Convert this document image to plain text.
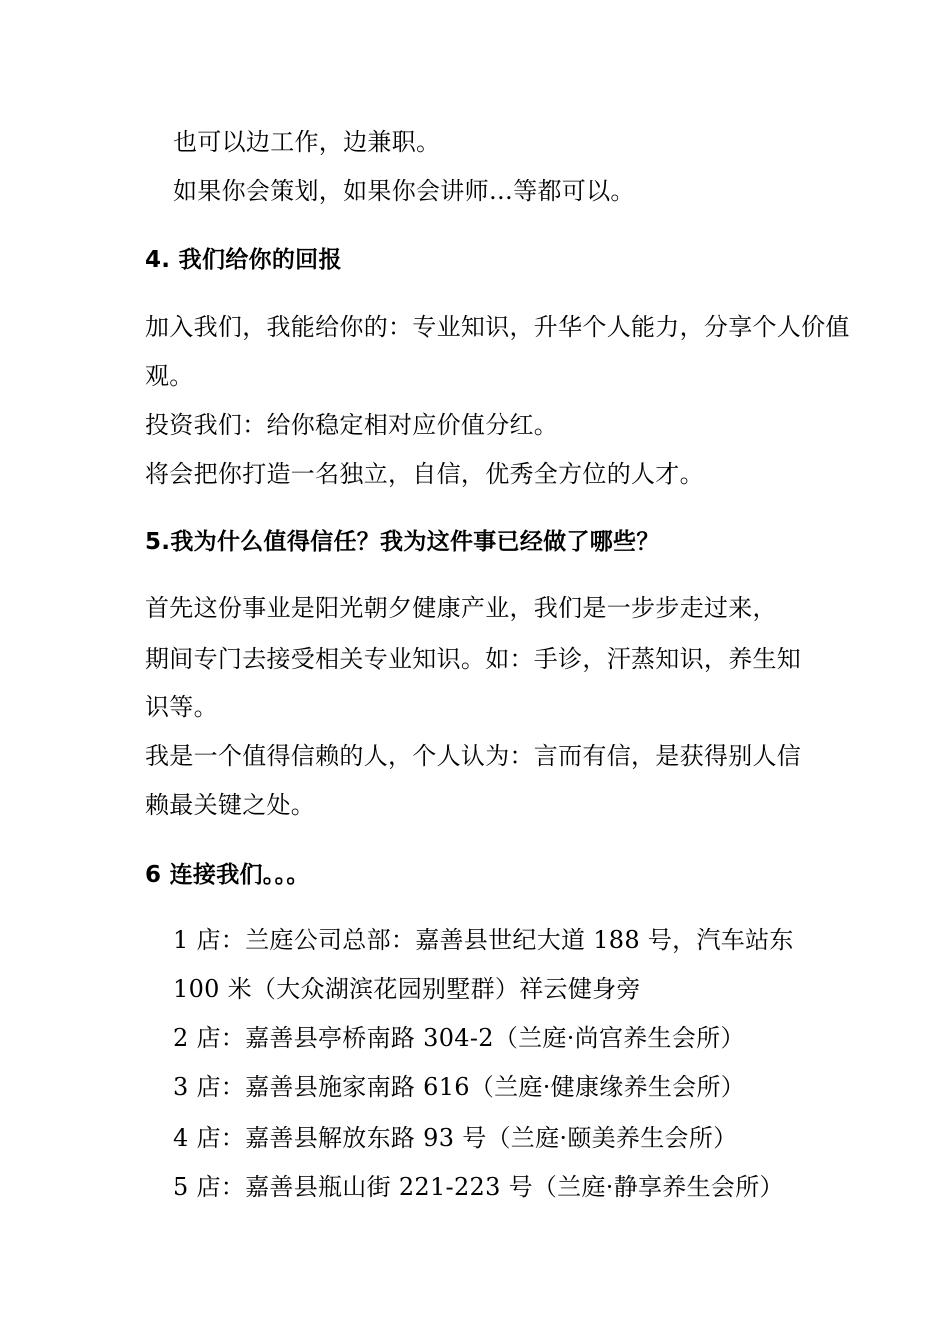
也可以边工作，边兼职。
如果你会策划，如果你会讲师…等都可以。
4. 我们给你的回报
加入我们，我能给你的：专业知识，升华个人能力，分享个人价值
观。
投资我们：给你稳定相对应价值分红。
将会把你打造一名独立，自信，优秀全方位的人才。
5.我为什么值得信任？我为这件事已经做了哪些？
首先这份事业是阳光朝夕健康产业，我们是一步步走过来，
期间专门去接受相关专业知识。如：手诊，汗蒸知识，养生知
识等。
我是一个值得信赖的人，个人认为：言而有信，是获得别人信
赖最关键之处。
6 连接我们。。。
1 店：兰庭公司总部：嘉善县世纪大道 188 号，汽车站东
100 米（大众湖滨花园别墅群）祥云健身旁
2 店：嘉善县亭桥南路 304-2（兰庭·尚宫养生会所）
3 店：嘉善县施家南路 616（兰庭·健康缘养生会所）
4 店：嘉善县解放东路 93 号（兰庭·颐美养生会所）
5 店：嘉善县瓶山街 221-223 号（兰庭·静享养生会所）
